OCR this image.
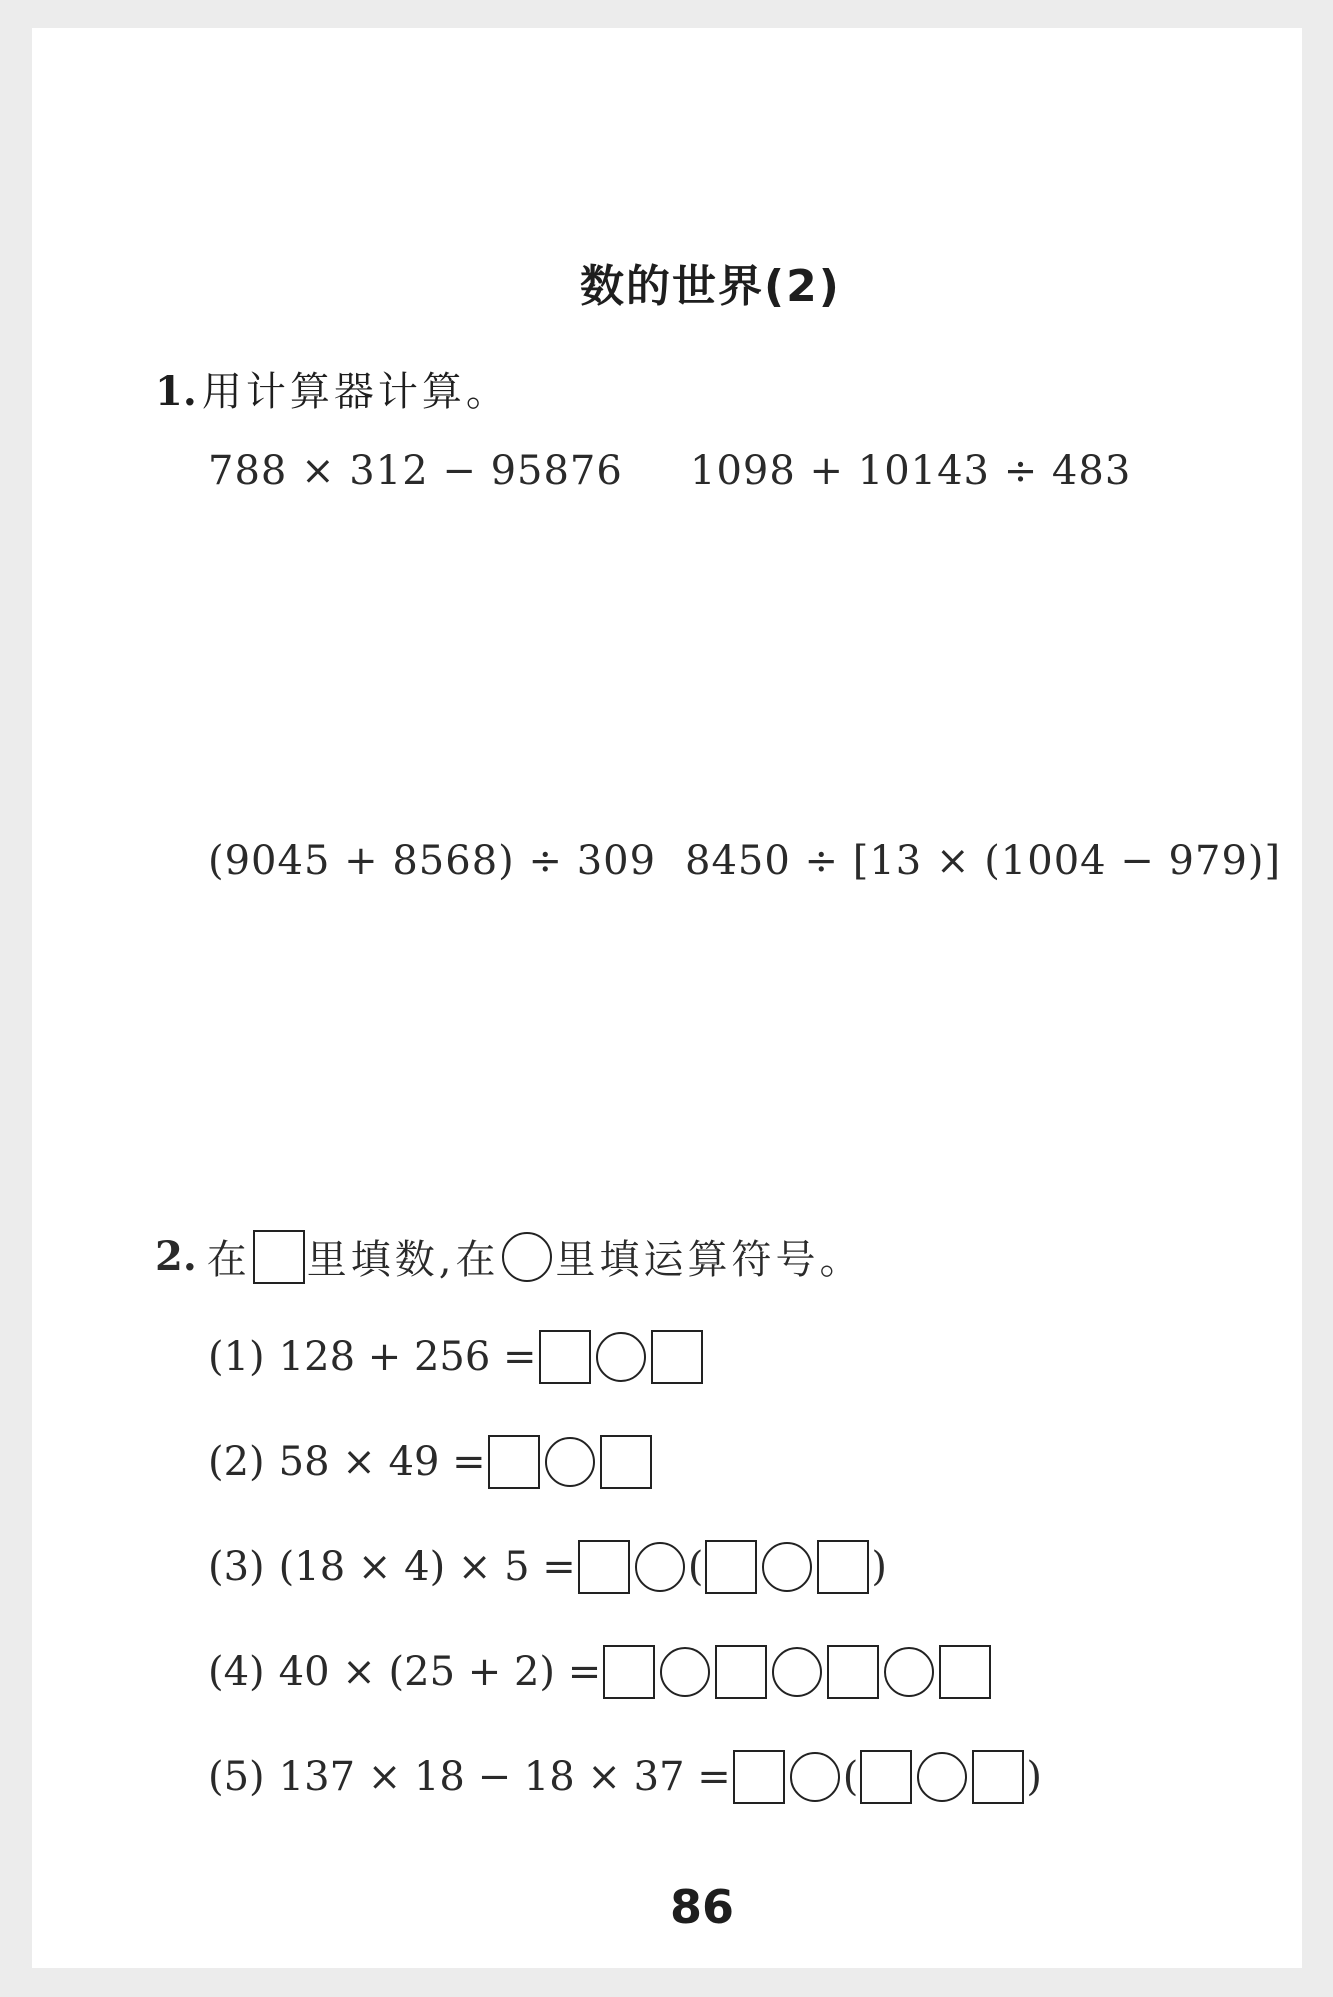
数的世界(2)
1. 用计算器计算。
788 × 312 − 95876 1098 + 10143 ÷ 483
(9045 + 8568) ÷ 309 8450 ÷ [13 × (1004 − 979)]
2. 在 里填数,在 里填运算符号。
(1) 128 + 256 =
(2) 58 × 49 =
(3) (18 × 4) × 5 =	(	)
(4) 40 × (25 + 2) =
(5) 137 × 18 − 18 × 37 =	(	)
86
